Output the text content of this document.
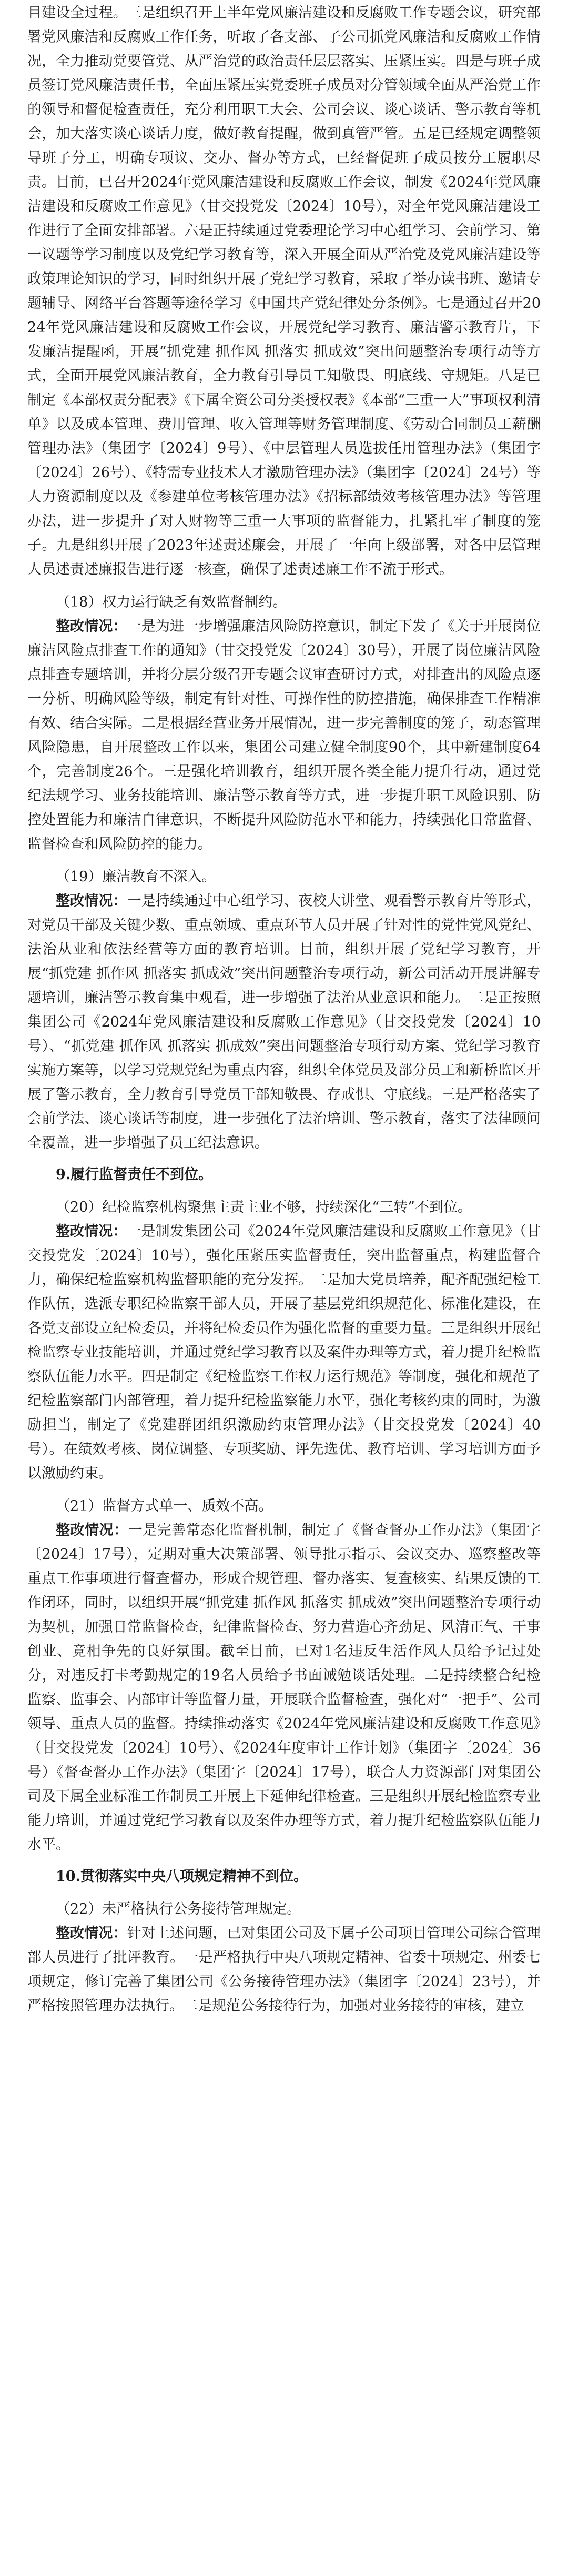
目建设全过程。三是组织召开上半年党风廉洁建设和反腐败工作专题会议，研究部署党风廉洁和反腐败工作任务，听取了各支部、子公司抓党风廉洁和反腐败工作情况，全力推动党要管党、从严治党的政治责任层层落实、压紧压实。四是与班子成员签订党风廉洁责任书，全面压紧压实党委班子成员对分管领域全面从严治党工作的领导和督促检查责任，充分利用职工大会、公司会议、谈心谈话、警示教育等机会，加大落实谈心谈话力度，做好教育提醒，做到真管严管。五是已经规定调整领导班子分工，明确专项议、交办、督办等方式，已经督促班子成员按分工履职尽责。目前，已召开2024年党风廉洁建设和反腐败工作会议，制发《2024年党风廉洁建设和反腐败工作意见》（甘交投党发〔2024〕10号），对全年党风廉洁建设工作进行了全面安排部署。六是正持续通过党委理论学习中心组学习、会前学习、第一议题等学习制度以及党纪学习教育等，深入开展全面从严治党及党风廉洁建设等政策理论知识的学习，同时组织开展了党纪学习教育，采取了举办读书班、邀请专题辅导、网络平台答题等途径学习《中国共产党纪律处分条例》。七是通过召开2024年党风廉洁建设和反腐败工作会议，开展党纪学习教育、廉洁警示教育片，下发廉洁提醒函，开展“抓党建 抓作风 抓落实 抓成效”突出问题整治专项行动等方式，全面开展党风廉洁教育，全力教育引导员工知敬畏、明底线、守规矩。八是已制定《本部权责分配表》《下属全资公司分类授权表》《本部“三重一大”事项权利清单》以及成本管理、费用管理、收入管理等财务管理制度、《劳动合同制员工薪酬管理办法》（集团字〔2024〕9号）、《中层管理人员选拔任用管理办法》（集团字〔2024〕26号）、《特需专业技术人才激励管理办法》（集团字〔2024〕24号）等人力资源制度以及《参建单位考核管理办法》《招标部绩效考核管理办法》等管理办法，进一步提升了对人财物等三重一大事项的监督能力，扎紧扎牢了制度的笼子。九是组织开展了2023年述责述廉会，开展了一年向上级部署，对各中层管理人员述责述廉报告进行逐一核查，确保了述责述廉工作不流于形式。

（18）权力运行缺乏有效监督制约。

整改情况：一是为进一步增强廉洁风险防控意识，制定下发了《关于开展岗位廉洁风险点排查工作的通知》（甘交投党发〔2024〕30号），开展了岗位廉洁风险点排查专题培训，并将分层分级召开专题会议审查研讨方式，对排查出的风险点逐一分析、明确风险等级，制定有针对性、可操作性的防控措施，确保排查工作精准有效、结合实际。二是根据经营业务开展情况，进一步完善制度的笼子，动态管理风险隐患，自开展整改工作以来，集团公司建立健全制度90个，其中新建制度64个，完善制度26个。三是强化培训教育，组织开展各类全能力提升行动，通过党纪法规学习、业务技能培训、廉洁警示教育等方式，进一步提升职工风险识别、防控处置能力和廉洁自律意识，不断提升风险防范水平和能力，持续强化日常监督、监督检查和风险防控的能力。

（19）廉洁教育不深入。

整改情况：一是持续通过中心组学习、夜校大讲堂、观看警示教育片等形式，对党员干部及关键少数、重点领域、重点环节人员开展了针对性的党性党风党纪、法治从业和依法经营等方面的教育培训。目前，组织开展了党纪学习教育，开展“抓党建 抓作风 抓落实 抓成效”突出问题整治专项行动，新公司活动开展讲解专题培训，廉洁警示教育集中观看，进一步增强了法治从业意识和能力。二是正按照集团公司《2024年党风廉洁建设和反腐败工作意见》（甘交投党发〔2024〕10号）、“抓党建 抓作风 抓落实 抓成效”突出问题整治专项行动方案、党纪学习教育实施方案等，以学习党规党纪为重点内容，组织全体党员及部分员工和新桥监区开展了警示教育，全力教育引导党员干部知敬畏、存戒惧、守底线。三是严格落实了会前学法、谈心谈话等制度，进一步强化了法治培训、警示教育，落实了法律顾问全覆盖，进一步增强了员工纪法意识。

9.履行监督责任不到位。

（20）纪检监察机构聚焦主责主业不够，持续深化“三转”不到位。

整改情况：一是制发集团公司《2024年党风廉洁建设和反腐败工作意见》（甘交投党发〔2024〕10号），强化压紧压实监督责任，突出监督重点，构建监督合力，确保纪检监察机构监督职能的充分发挥。二是加大党员培养，配齐配强纪检工作队伍，选派专职纪检监察干部人员，开展了基层党组织规范化、标准化建设，在各党支部设立纪检委员，并将纪检委员作为强化监督的重要力量。三是组织开展纪检监察专业技能培训，并通过党纪学习教育以及案件办理等方式，着力提升纪检监察队伍能力水平。四是制定《纪检监察工作权力运行规范》等制度，强化和规范了纪检监察部门内部管理，着力提升纪检监察能力水平，强化考核约束的同时，为激励担当，制定了《党建群团组织激励约束管理办法》（甘交投党发〔2024〕40号）。在绩效考核、岗位调整、专项奖励、评先选优、教育培训、学习培训方面予以激励约束。

（21）监督方式单一、质效不高。

整改情况：一是完善常态化监督机制，制定了《督查督办工作办法》（集团字〔2024〕17号），定期对重大决策部署、领导批示指示、会议交办、巡察整改等重点工作事项进行督查督办，形成合规管理、督办落实、复查核实、结果反馈的工作闭环，同时，以组织开展“抓党建 抓作风 抓落实 抓成效”突出问题整治专项行动为契机，加强日常监督检查，纪律监督检查、努力营造心齐劲足、风清正气、干事创业、竞相争先的良好氛围。截至目前，已对1名违反生活作风人员给予记过处分，对违反打卡考勤规定的19名人员给予书面诫勉谈话处理。二是持续整合纪检监察、监事会、内部审计等监督力量，开展联合监督检查，强化对“一把手”、公司领导、重点人员的监督。持续推动落实《2024年党风廉洁建设和反腐败工作意见》（甘交投党发〔2024〕10号）、《2024年度审计工作计划》（集团字〔2024〕36号）《督查督办工作办法》（集团字〔2024〕17号），联合人力资源部门对集团公司及下属全业标准工作制员工开展上下延伸纪律检查。三是组织开展纪检监察专业能力培训，并通过党纪学习教育以及案件办理等方式，着力提升纪检监察队伍能力水平。

10.贯彻落实中央八项规定精神不到位。

（22）未严格执行公务接待管理规定。

整改情况：针对上述问题，已对集团公司及下属子公司项目管理公司综合管理部人员进行了批评教育。一是严格执行中央八项规定精神、省委十项规定、州委七项规定，修订完善了集团公司《公务接待管理办法》（集团字〔2024〕23号），并严格按照管理办法执行。二是规范公务接待行为，加强对业务接待的审核，建立
